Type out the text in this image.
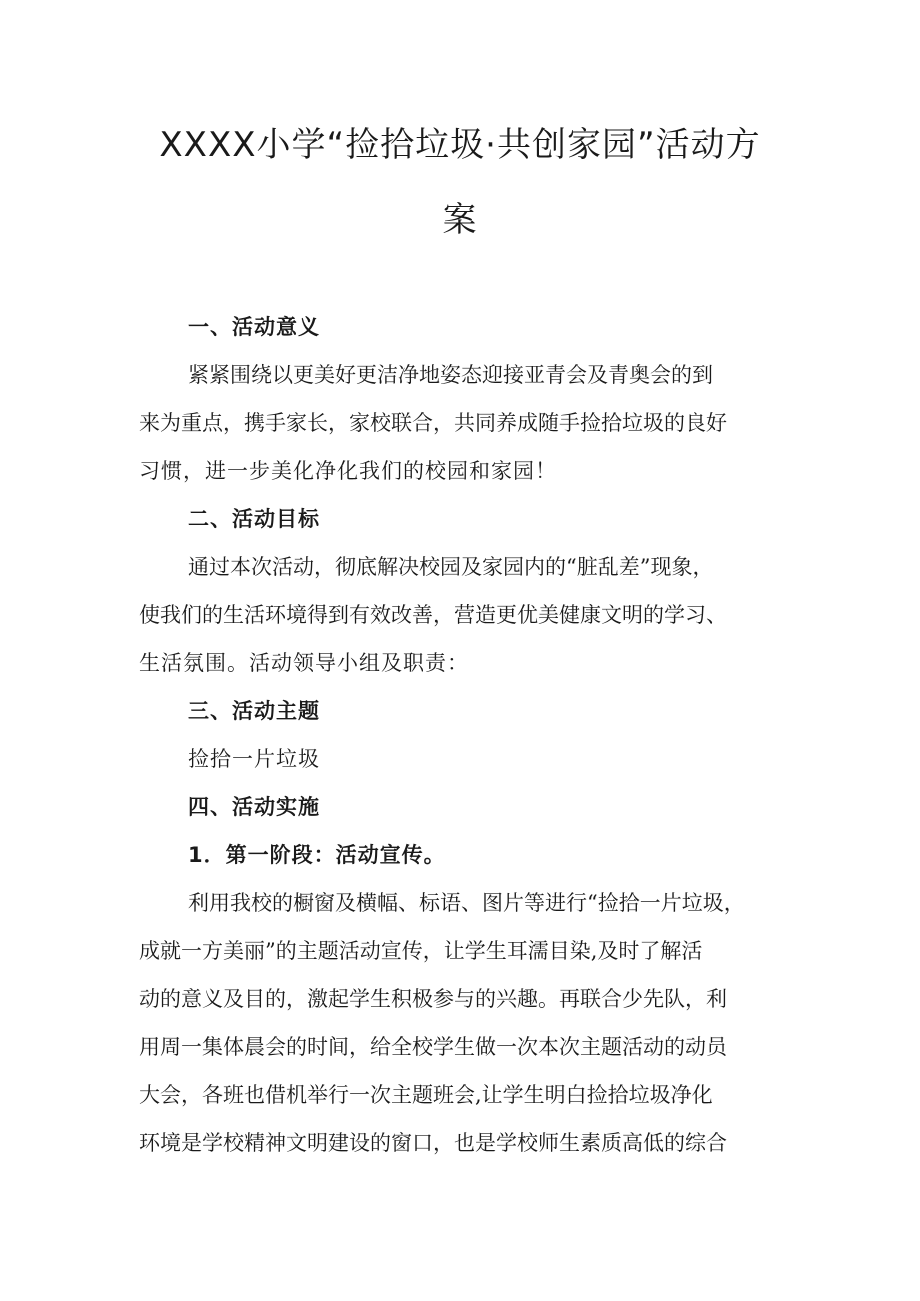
XXXX小学“捡拾垃圾·共创家园”活动方
案
一、活动意义
紧紧围绕以更美好更洁净地姿态迎接亚青会及青奥会的到
来为重点，携手家长，家校联合，共同养成随手捡拾垃圾的良好
习惯，进一步美化净化我们的校园和家园！
二、活动目标
通过本次活动，彻底解决校园及家园内的“脏乱差”现象，
使我们的生活环境得到有效改善，营造更优美健康文明的学习、
生活氛围。活动领导小组及职责：
三、活动主题
捡拾一片垃圾
四、活动实施
1．第一阶段：活动宣传。
利用我校的橱窗及横幅、标语、图片等进行“捡拾一片垃圾，
成就一方美丽”的主题活动宣传，让学生耳濡目染,及时了解活
动的意义及目的，激起学生积极参与的兴趣。再联合少先队，利
用周一集体晨会的时间，给全校学生做一次本次主题活动的动员
大会，各班也借机举行一次主题班会,让学生明白捡拾垃圾净化
环境是学校精神文明建设的窗口，也是学校师生素质高低的综合
